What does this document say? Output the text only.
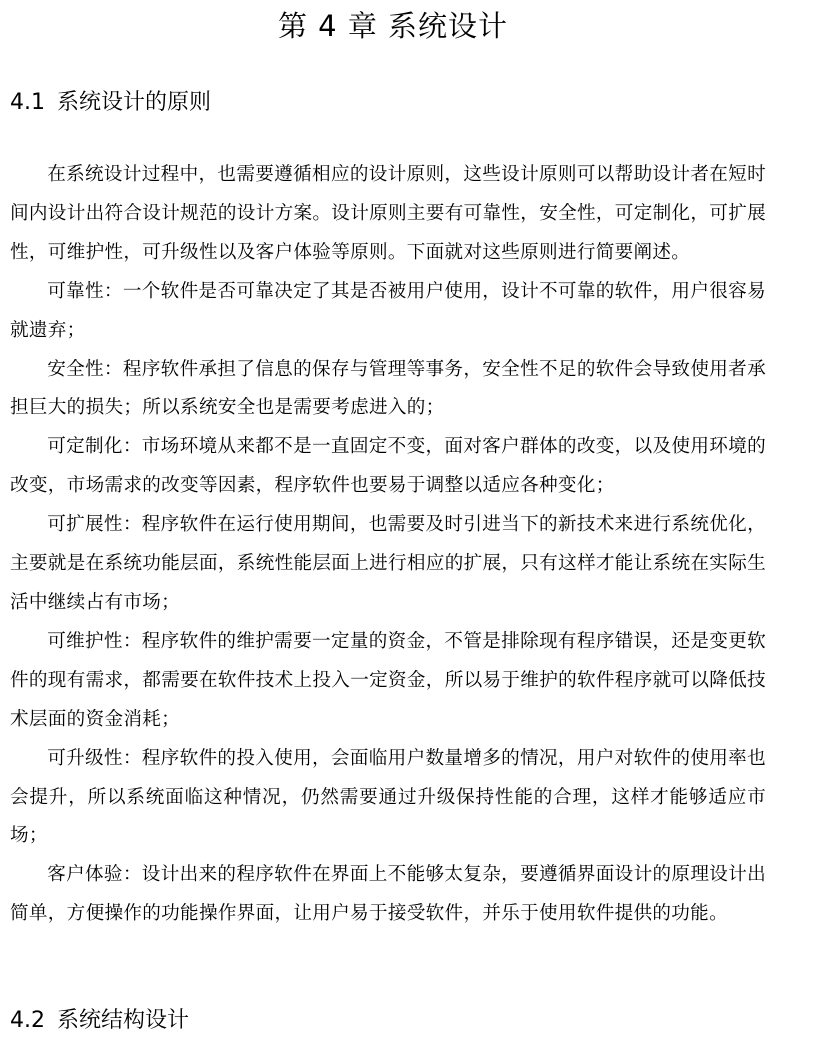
第 4 章 系统设计
4.1 系统设计的原则

在系统设计过程中，也需要遵循相应的设计原则，这些设计原则可以帮助设计者在短时间内设计出符合设计规范的设计方案。设计原则主要有可靠性，安全性，可定制化，可扩展性，可维护性，可升级性以及客户体验等原则。下面就对这些原则进行简要阐述。

可靠性：一个软件是否可靠决定了其是否被用户使用，设计不可靠的软件，用户很容易就遗弃；

安全性：程序软件承担了信息的保存与管理等事务，安全性不足的软件会导致使用者承担巨大的损失；所以系统安全也是需要考虑进入的；

可定制化：市场环境从来都不是一直固定不变，面对客户群体的改变，以及使用环境的改变，市场需求的改变等因素，程序软件也要易于调整以适应各种变化；

可扩展性：程序软件在运行使用期间，也需要及时引进当下的新技术来进行系统优化，主要就是在系统功能层面，系统性能层面上进行相应的扩展，只有这样才能让系统在实际生活中继续占有市场；

可维护性：程序软件的维护需要一定量的资金，不管是排除现有程序错误，还是变更软件的现有需求，都需要在软件技术上投入一定资金，所以易于维护的软件程序就可以降低技术层面的资金消耗；

可升级性：程序软件的投入使用，会面临用户数量增多的情况，用户对软件的使用率也会提升，所以系统面临这种情况，仍然需要通过升级保持性能的合理，这样才能够适应市场；

客户体验：设计出来的程序软件在界面上不能够太复杂，要遵循界面设计的原理设计出简单，方便操作的功能操作界面，让用户易于接受软件，并乐于使用软件提供的功能。

4.2 系统结构设计
